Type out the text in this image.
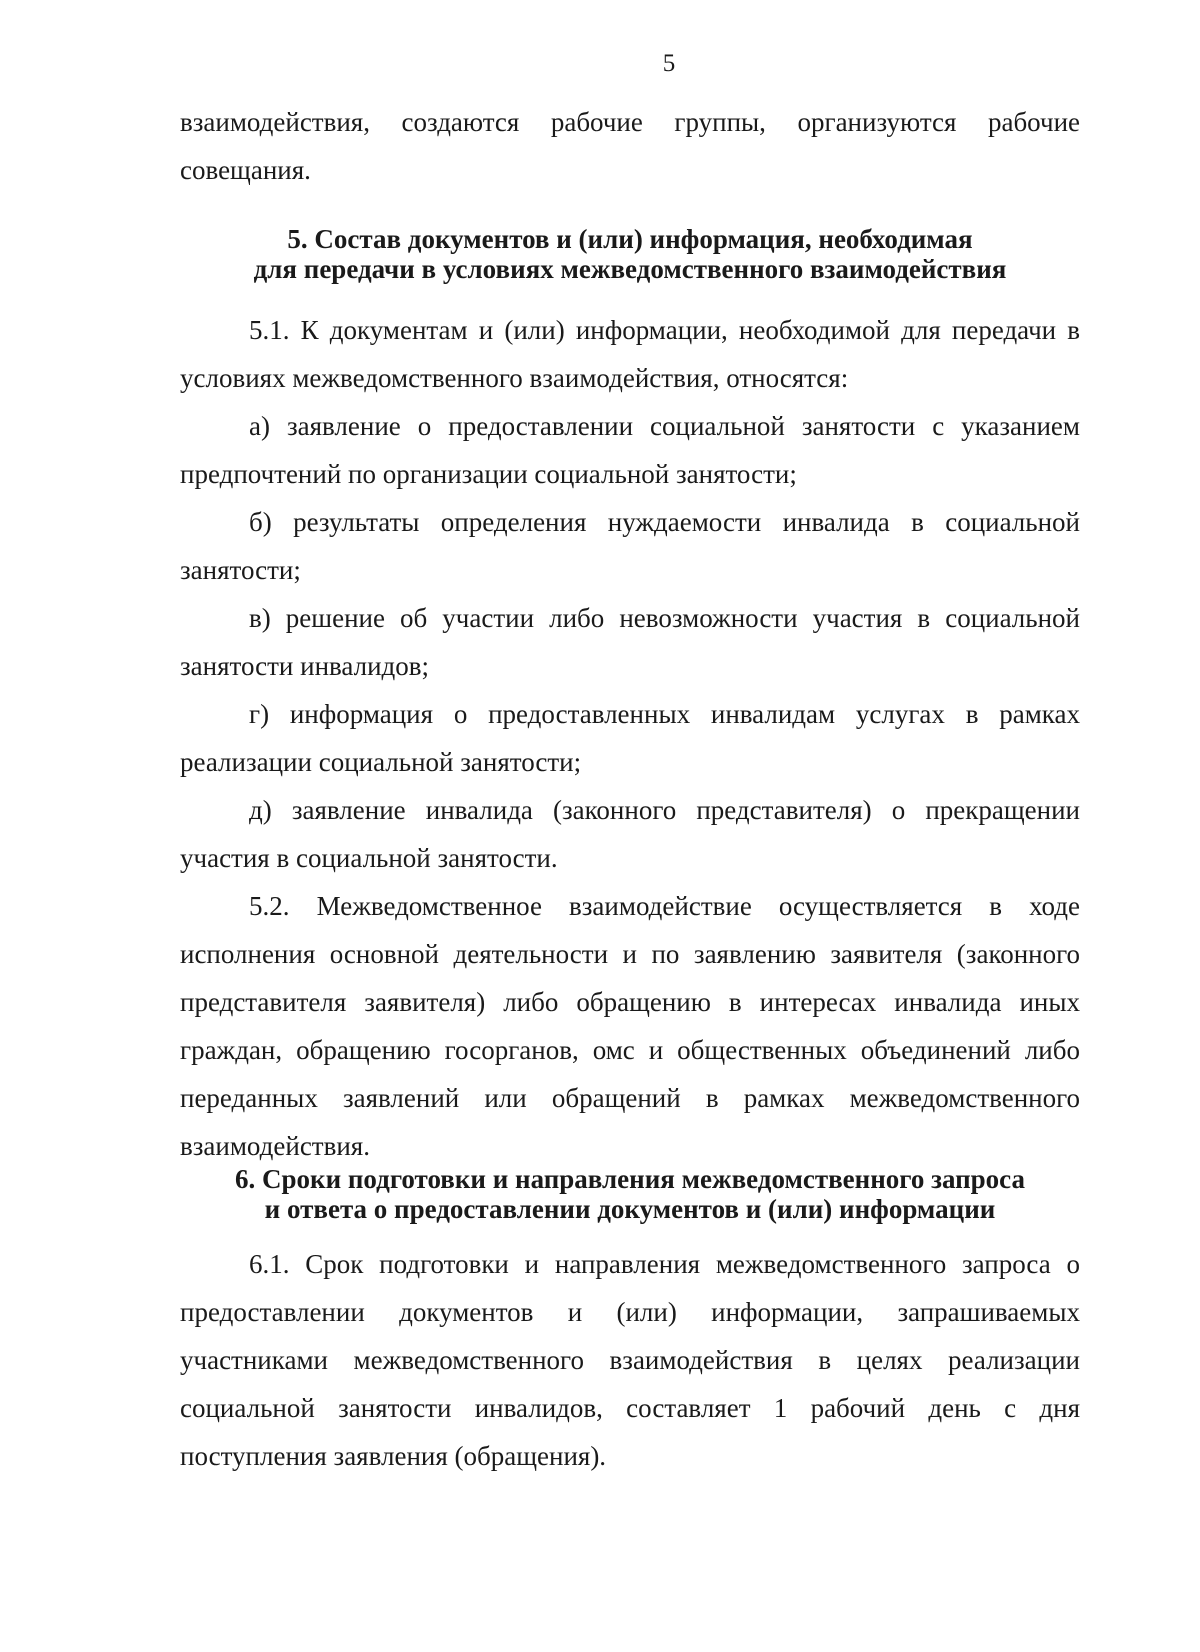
5

взаимодействия, создаются рабочие группы, организуются рабочие совещания.

5. Состав документов и (или) информация, необходимая
для передачи в условиях межведомственного взаимодействия

5.1. К документам и (или) информации, необходимой для передачи в условиях межведомственного взаимодействия, относятся:

а) заявление о предоставлении социальной занятости с указанием предпочтений по организации социальной занятости;

б) результаты определения нуждаемости инвалида в социальной занятости;

в) решение об участии либо невозможности участия в социальной занятости инвалидов;

г) информация о предоставленных инвалидам услугах в рамках реализации социальной занятости;

д) заявление инвалида (законного представителя) о прекращении участия в социальной занятости.

5.2. Межведомственное взаимодействие осуществляется в ходе исполнения основной деятельности и по заявлению заявителя (законного представителя заявителя) либо обращению в интересах инвалида иных граждан, обращению госорганов, омс и общественных объединений либо переданных заявлений или обращений в рамках межведомственного взаимодействия.

6. Сроки подготовки и направления межведомственного запроса
и ответа о предоставлении документов и (или) информации

6.1. Срок подготовки и направления межведомственного запроса о предоставлении документов и (или) информации, запрашиваемых участниками межведомственного взаимодействия в целях реализации социальной занятости инвалидов, составляет 1 рабочий день с дня поступления заявления (обращения).
